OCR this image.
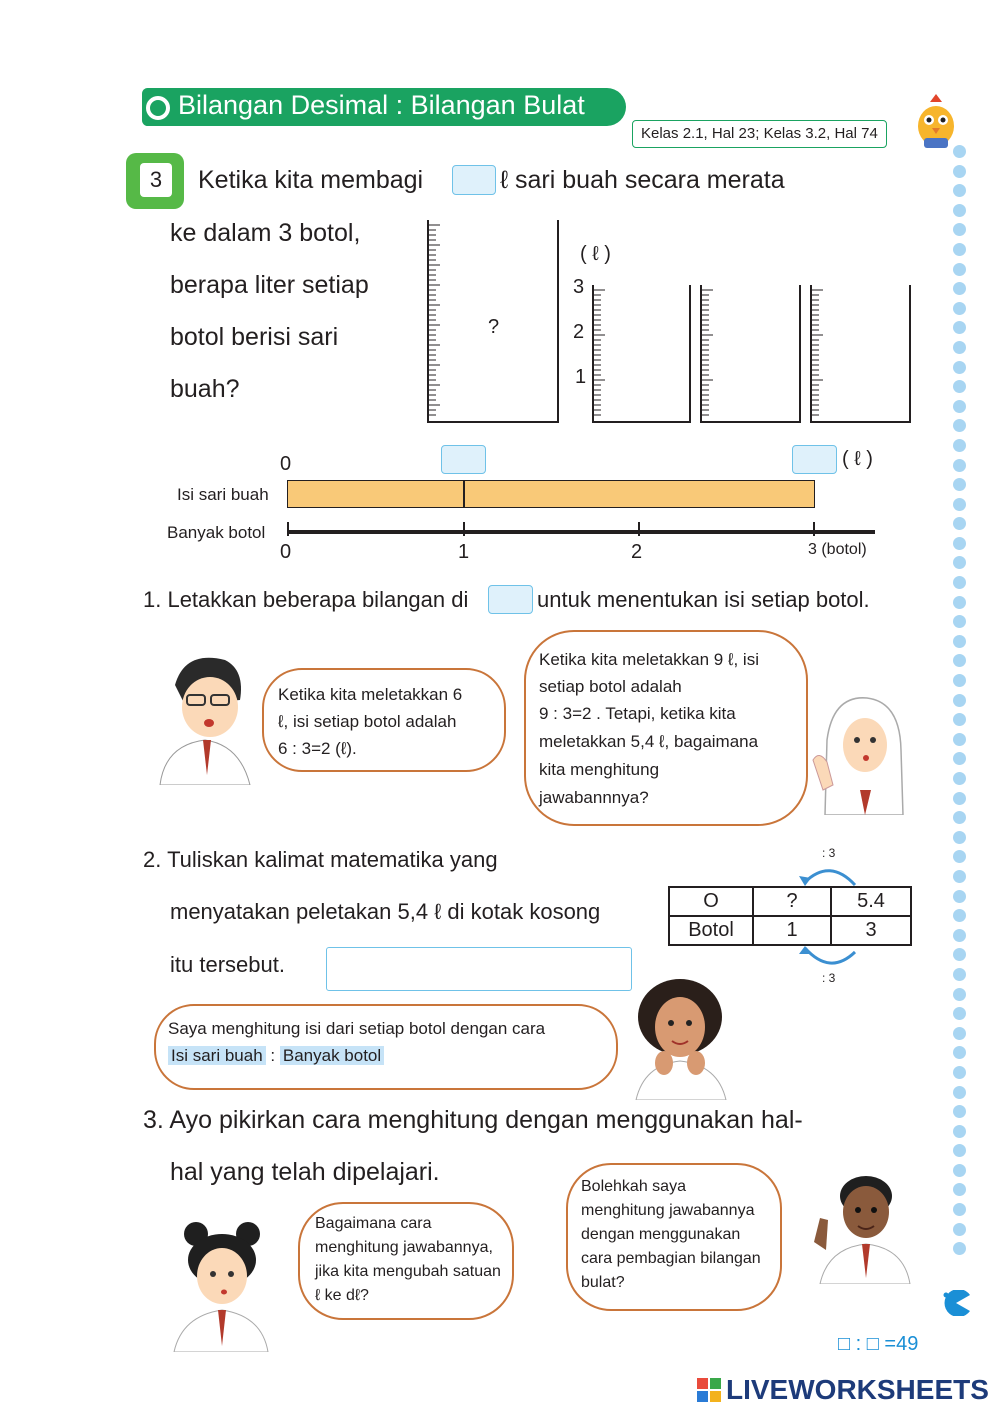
Bilangan Desimal : Bilangan Bulat
Kelas 2.1, Hal 23; Kelas 3.2, Hal 74
3	Ketika kita membagi	ℓ sari buah secara merata
ke dalam 3 botol,
berapa liter setiap
botol berisi sari
buah?
?
( ℓ )
3
2
1
0	( ℓ )
Isi sari buah
Banyak botol
0	1	2	3 (botol)
1. Letakkan beberapa bilangan di	untuk menentukan isi setiap botol.
Ketika kita meletakkan 6
ℓ, isi setiap botol adalah
6 : 3=2 (ℓ).
Ketika kita meletakkan 9 ℓ, isi
setiap botol adalah
9 : 3=2 . Tetapi, ketika kita
meletakkan 5,4 ℓ, bagaimana
kita menghitung
jawabannnya?
2. Tuliskan kalimat matematika yang
menyatakan peletakan 5,4 ℓ di kotak kosong
itu tersebut.
: 3
O	?	5.4
Botol	1	3
: 3
Saya menghitung isi dari setiap botol dengan cara
Isi sari buah : Banyak botol
3. Ayo pikirkan cara menghitung dengan menggunakan hal-
hal yang telah dipelajari.
Bagaimana cara
menghitung jawabannya,
jika kita mengubah satuan
ℓ ke dℓ?
Bolehkah saya
menghitung jawabannya
dengan menggunakan
cara pembagian bilangan
bulat?
□ : □ =49
LIVEWORKSHEETS
